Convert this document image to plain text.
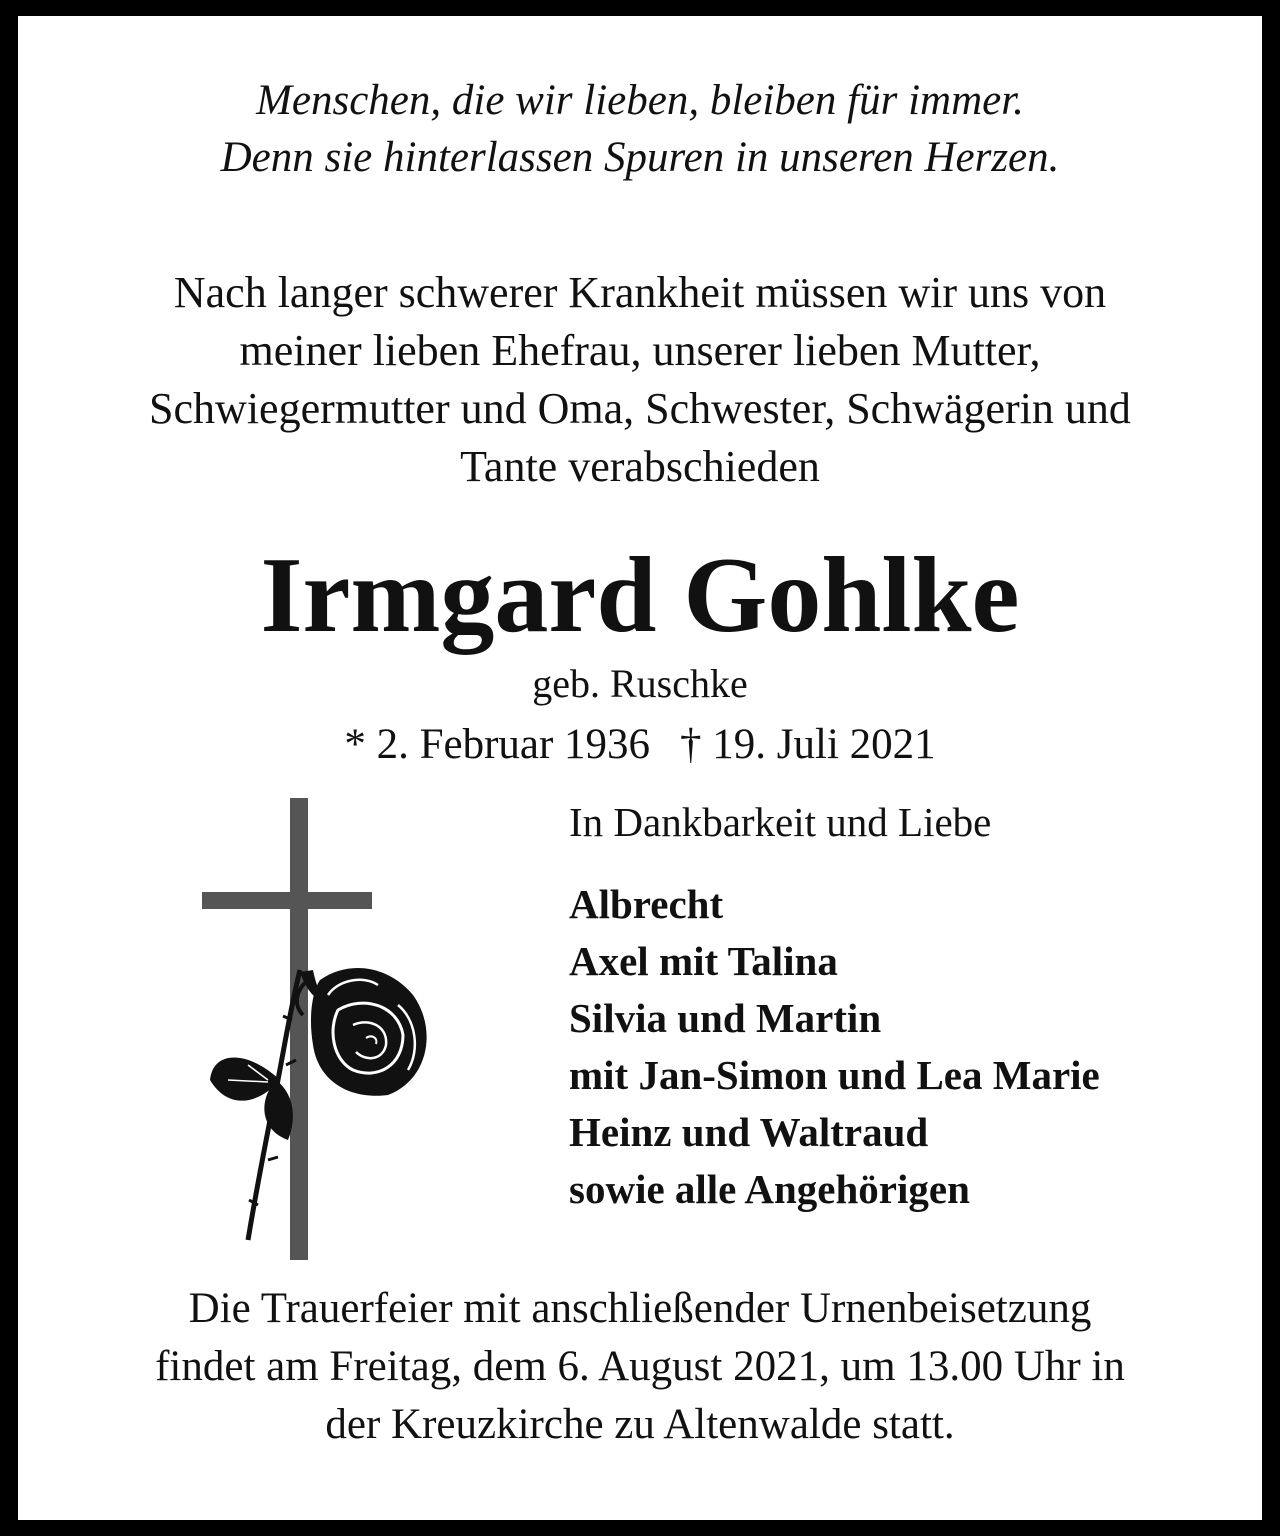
Menschen, die wir lieben, bleiben für immer.
Denn sie hinterlassen Spuren in unseren Herzen.

Nach langer schwerer Krankheit müssen wir uns von
meiner lieben Ehefrau, unserer lieben Mutter,
Schwiegermutter und Oma, Schwester, Schwägerin und
Tante verabschieden

Irmgard Gohlke

geb. Ruschke

* 2. Februar 1936 † 19. Juli 2021

In Dankbarkeit und Liebe
Albrecht
Axel mit Talina
Silvia und Martin
mit Jan-Simon und Lea Marie
Heinz und Waltraud
sowie alle Angehörigen

Die Trauerfeier mit anschließender Urnenbeisetzung
findet am Freitag, dem 6. August 2021, um 13.00 Uhr in
der Kreuzkirche zu Altenwalde statt.
